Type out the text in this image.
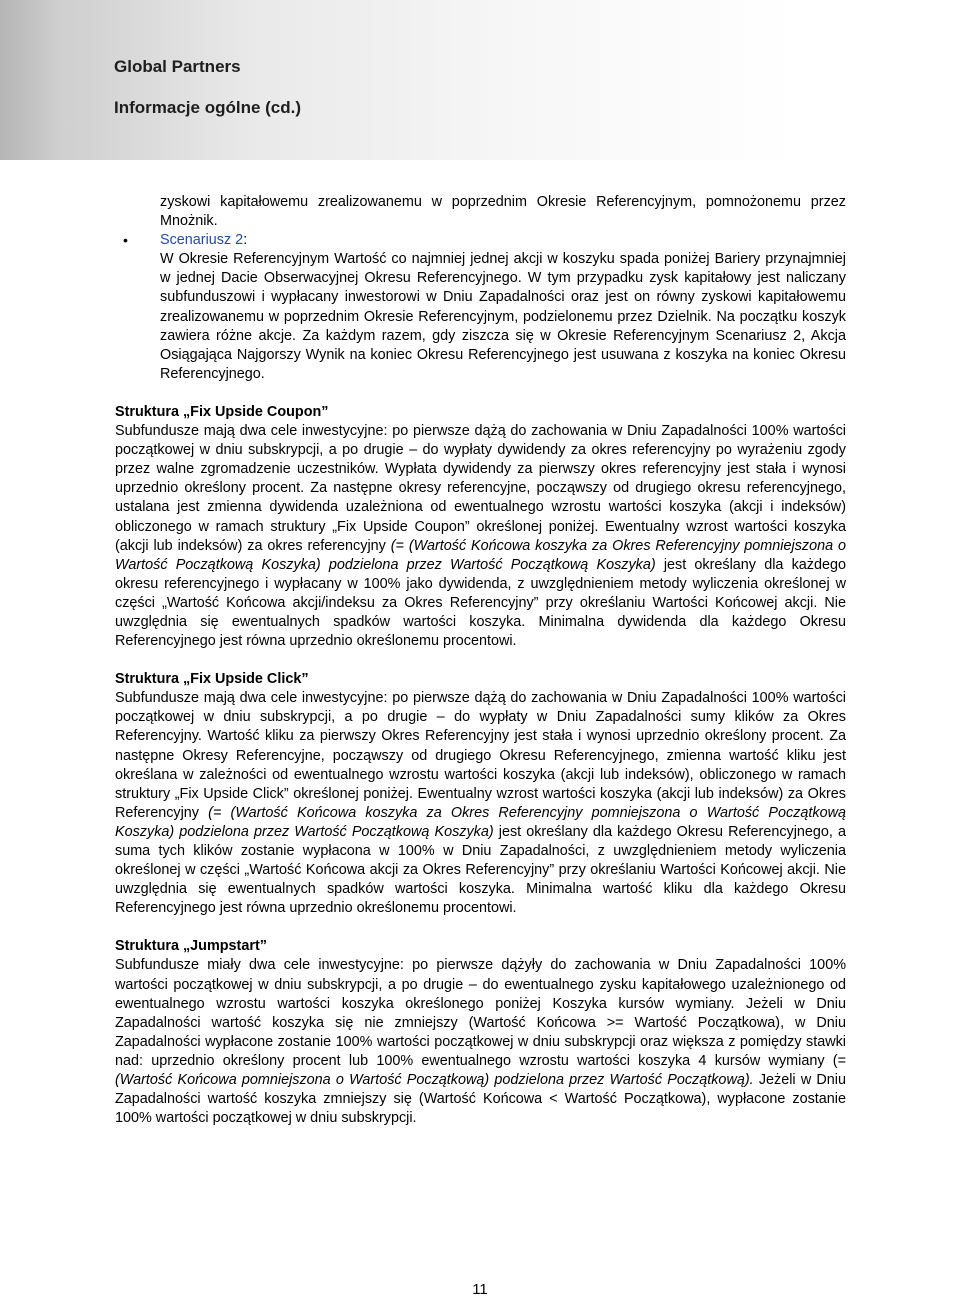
Global Partners
Informacje ogólne (cd.)

zyskowi kapitałowemu zrealizowanemu w poprzednim Okresie Referencyjnym, pomnożonemu przez Mnożnik.

• Scenariusz 2:

W Okresie Referencyjnym Wartość co najmniej jednej akcji w koszyku spada poniżej Bariery przynajmniej w jednej Dacie Obserwacyjnej Okresu Referencyjnego. W tym przypadku zysk kapitałowy jest naliczany subfunduszowi i wypłacany inwestorowi w Dniu Zapadalności oraz jest on równy zyskowi kapitałowemu zrealizowanemu w poprzednim Okresie Referencyjnym, podzielonemu przez Dzielnik. Na początku koszyk zawiera różne akcje. Za każdym razem, gdy ziszcza się w Okresie Referencyjnym Scenariusz 2, Akcja Osiągająca Najgorszy Wynik na koniec Okresu Referencyjnego jest usuwana z koszyka na koniec Okresu Referencyjnego.

Struktura „Fix Upside Coupon”

Subfundusze mają dwa cele inwestycyjne: po pierwsze dążą do zachowania w Dniu Zapadalności 100% wartości początkowej w dniu subskrypcji, a po drugie – do wypłaty dywidendy za okres referencyjny po wyrażeniu zgody przez walne zgromadzenie uczestników. Wypłata dywidendy za pierwszy okres referencyjny jest stała i wynosi uprzednio określony procent. Za następne okresy referencyjne, począwszy od drugiego okresu referencyjnego, ustalana jest zmienna dywidenda uzależniona od ewentualnego wzrostu wartości koszyka (akcji i indeksów) obliczonego w ramach struktury „Fix Upside Coupon” określonej poniżej. Ewentualny wzrost wartości koszyka (akcji lub indeksów) za okres referencyjny (= (Wartość Końcowa koszyka za Okres Referencyjny pomniejszona o Wartość Początkową Koszyka) podzielona przez Wartość Początkową Koszyka) jest określany dla każdego okresu referencyjnego i wypłacany w 100% jako dywidenda, z uwzględnieniem metody wyliczenia określonej w części „Wartość Końcowa akcji/indeksu za Okres Referencyjny” przy określaniu Wartości Końcowej akcji. Nie uwzględnia się ewentualnych spadków wartości koszyka. Minimalna dywidenda dla każdego Okresu Referencyjnego jest równa uprzednio określonemu procentowi.

Struktura „Fix Upside Click”

Subfundusze mają dwa cele inwestycyjne: po pierwsze dążą do zachowania w Dniu Zapadalności 100% wartości początkowej w dniu subskrypcji, a po drugie – do wypłaty w Dniu Zapadalności sumy klików za Okres Referencyjny. Wartość kliku za pierwszy Okres Referencyjny jest stała i wynosi uprzednio określony procent. Za następne Okresy Referencyjne, począwszy od drugiego Okresu Referencyjnego, zmienna wartość kliku jest określana w zależności od ewentualnego wzrostu wartości koszyka (akcji lub indeksów), obliczonego w ramach struktury „Fix Upside Click” określonej poniżej. Ewentualny wzrost wartości koszyka (akcji lub indeksów) za Okres Referencyjny (= (Wartość Końcowa koszyka za Okres Referencyjny pomniejszona o Wartość Początkową Koszyka) podzielona przez Wartość Początkową Koszyka) jest określany dla każdego Okresu Referencyjnego, a suma tych klików zostanie wypłacona w 100% w Dniu Zapadalności, z uwzględnieniem metody wyliczenia określonej w części „Wartość Końcowa akcji za Okres Referencyjny” przy określaniu Wartości Końcowej akcji. Nie uwzględnia się ewentualnych spadków wartości koszyka. Minimalna wartość kliku dla każdego Okresu Referencyjnego jest równa uprzednio określonemu procentowi.

Struktura „Jumpstart”

Subfundusze miały dwa cele inwestycyjne: po pierwsze dążyły do zachowania w Dniu Zapadalności 100% wartości początkowej w dniu subskrypcji, a po drugie – do ewentualnego zysku kapitałowego uzależnionego od ewentualnego wzrostu wartości koszyka określonego poniżej Koszyka kursów wymiany. Jeżeli w Dniu Zapadalności wartość koszyka się nie zmniejszy (Wartość Końcowa >= Wartość Początkowa), w Dniu Zapadalności wypłacone zostanie 100% wartości początkowej w dniu subskrypcji oraz większa z pomiędzy stawki nad: uprzednio określony procent lub 100% ewentualnego wzrostu wartości koszyka 4 kursów wymiany (= (Wartość Końcowa pomniejszona o Wartość Początkową) podzielona przez Wartość Początkową). Jeżeli w Dniu Zapadalności wartość koszyka zmniejszy się (Wartość Końcowa < Wartość Początkowa), wypłacone zostanie 100% wartości początkowej w dniu subskrypcji.

11
